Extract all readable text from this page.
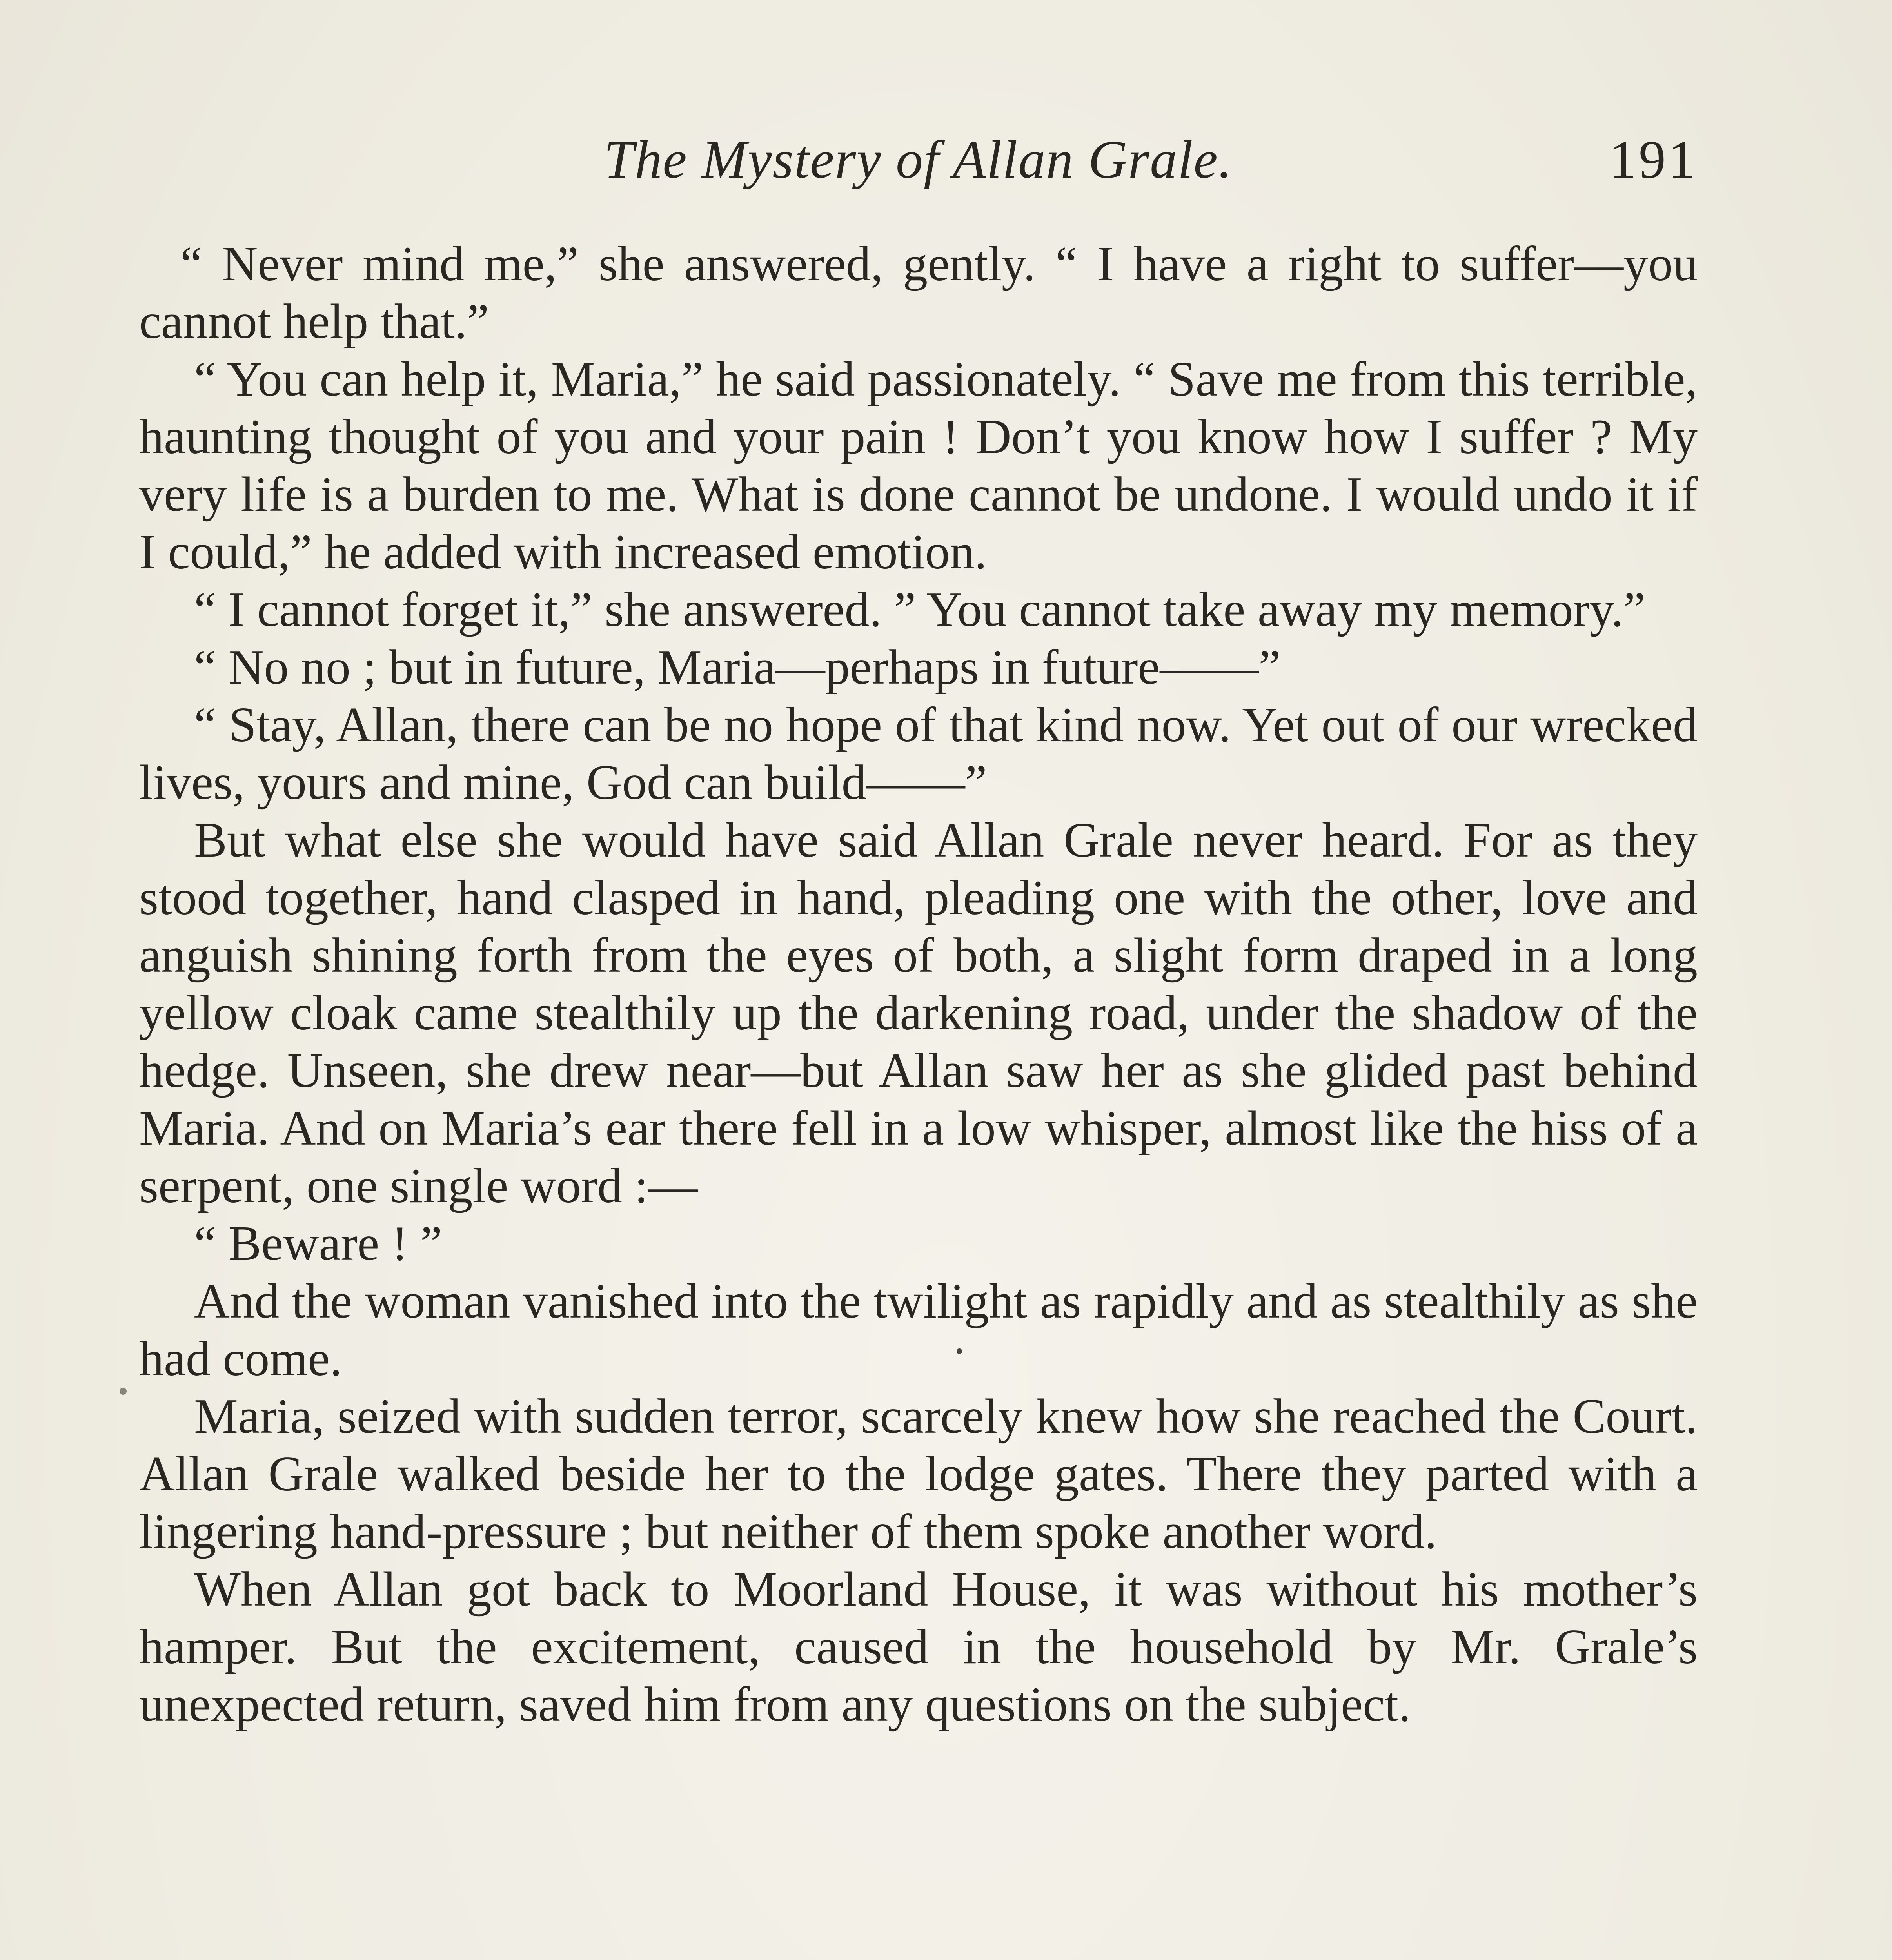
The Mystery of Allan Grale.	191

“ Never mind me,” she answered, gently. “ I have a right to suffer—you cannot help that.”

“ You can help it, Maria,” he said passionately. “ Save me from this terrible, haunting thought of you and your pain ! Don’t you know how I suffer ? My very life is a burden to me. What is done cannot be undone. I would undo it if I could,” he added with increased emotion.

“ I cannot forget it,” she answered. ” You cannot take away my memory.”

“ No no ; but in future, Maria—perhaps in future——”

“ Stay, Allan, there can be no hope of that kind now. Yet out of our wrecked lives, yours and mine, God can build——”

But what else she would have said Allan Grale never heard. For as they stood together, hand clasped in hand, pleading one with the other, love and anguish shining forth from the eyes of both, a slight form draped in a long yellow cloak came stealthily up the darkening road, under the shadow of the hedge. Unseen, she drew near—but Allan saw her as she glided past behind Maria. And on Maria’s ear there fell in a low whisper, almost like the hiss of a serpent, one single word :—

“ Beware ! ”

And the woman vanished into the twilight as rapidly and as stealthily as she had come.

Maria, seized with sudden terror, scarcely knew how she reached the Court. Allan Grale walked beside her to the lodge gates. There they parted with a lingering hand-pressure ; but neither of them spoke another word.

When Allan got back to Moorland House, it was without his mother’s hamper. But the excitement, caused in the household by Mr. Grale’s unexpected return, saved him from any questions on the subject.
